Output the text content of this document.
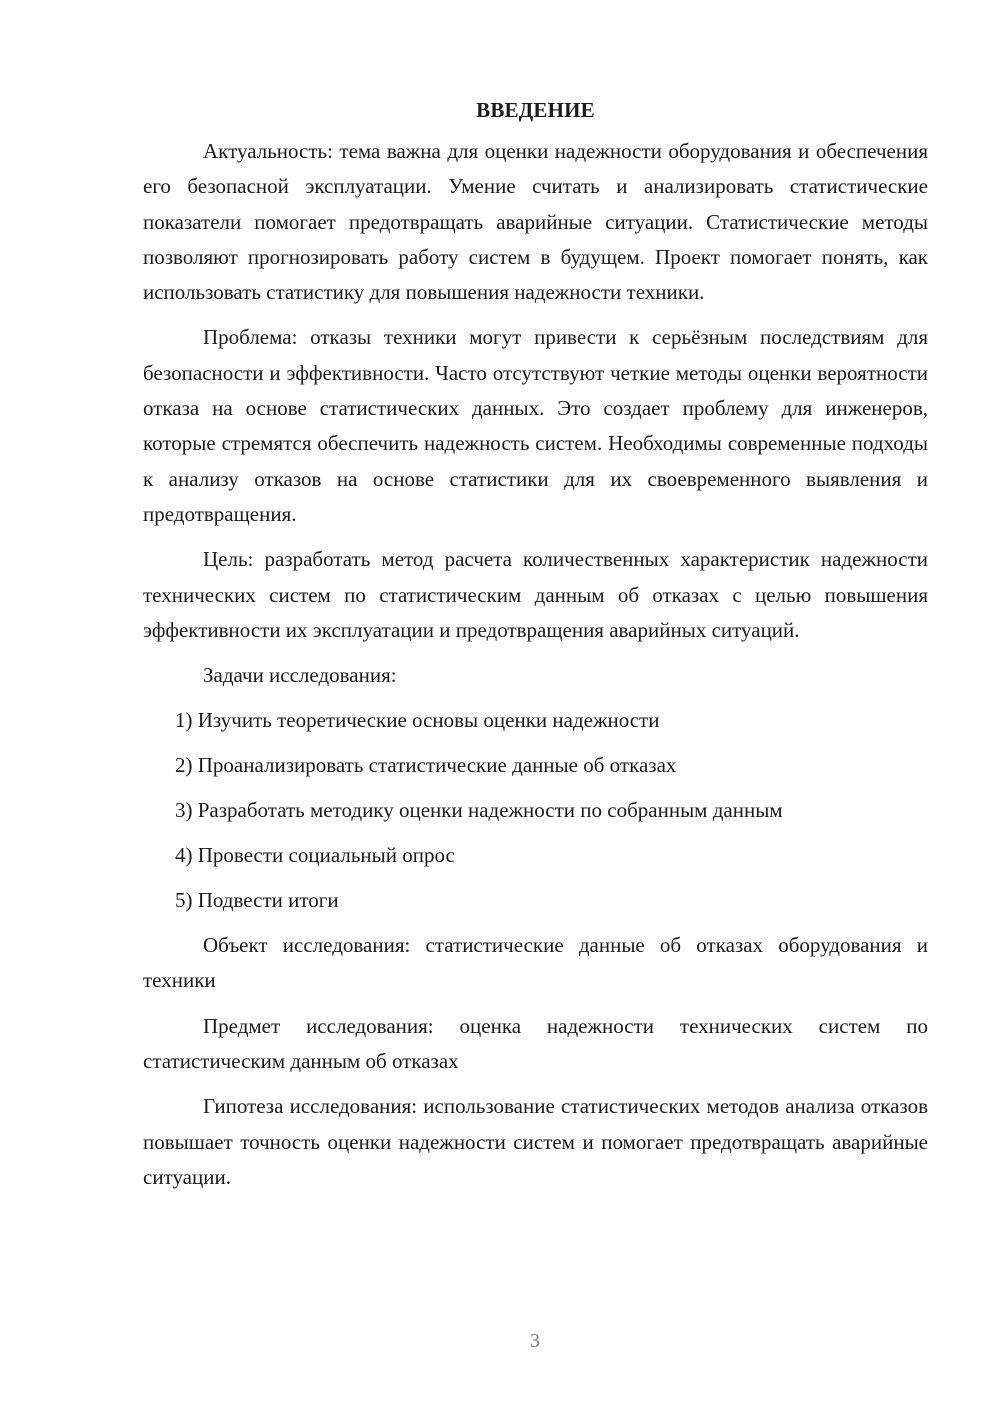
ВВЕДЕНИЕ

Актуальность: тема важна для оценки надежности оборудования и обеспечения его безопасной эксплуатации. Умение считать и анализировать статистические показатели помогает предотвращать аварийные ситуации. Статистические методы позволяют прогнозировать работу систем в будущем. Проект помогает понять, как использовать статистику для повышения надежности техники.

Проблема: отказы техники могут привести к серьёзным последствиям для безопасности и эффективности. Часто отсутствуют четкие методы оценки вероятности отказа на основе статистических данных. Это создает проблему для инженеров, которые стремятся обеспечить надежность систем. Необходимы современные подходы к анализу отказов на основе статистики для их своевременного выявления и предотвращения.

Цель: разработать метод расчета количественных характеристик надежности технических систем по статистическим данным об отказах с целью повышения эффективности их эксплуатации и предотвращения аварийных ситуаций.

Задачи исследования:

1) Изучить теоретические основы оценки надежности
2) Проанализировать статистические данные об отказах
3) Разработать методику оценки надежности по собранным данным
4) Провести социальный опрос
5) Подвести итоги

Объект исследования: статистические данные об отказах оборудования и техники

Предмет исследования: оценка надежности технических систем по статистическим данным об отказах

Гипотеза исследования: использование статистических методов анализа отказов повышает точность оценки надежности систем и помогает предотвращать аварийные ситуации.

3
